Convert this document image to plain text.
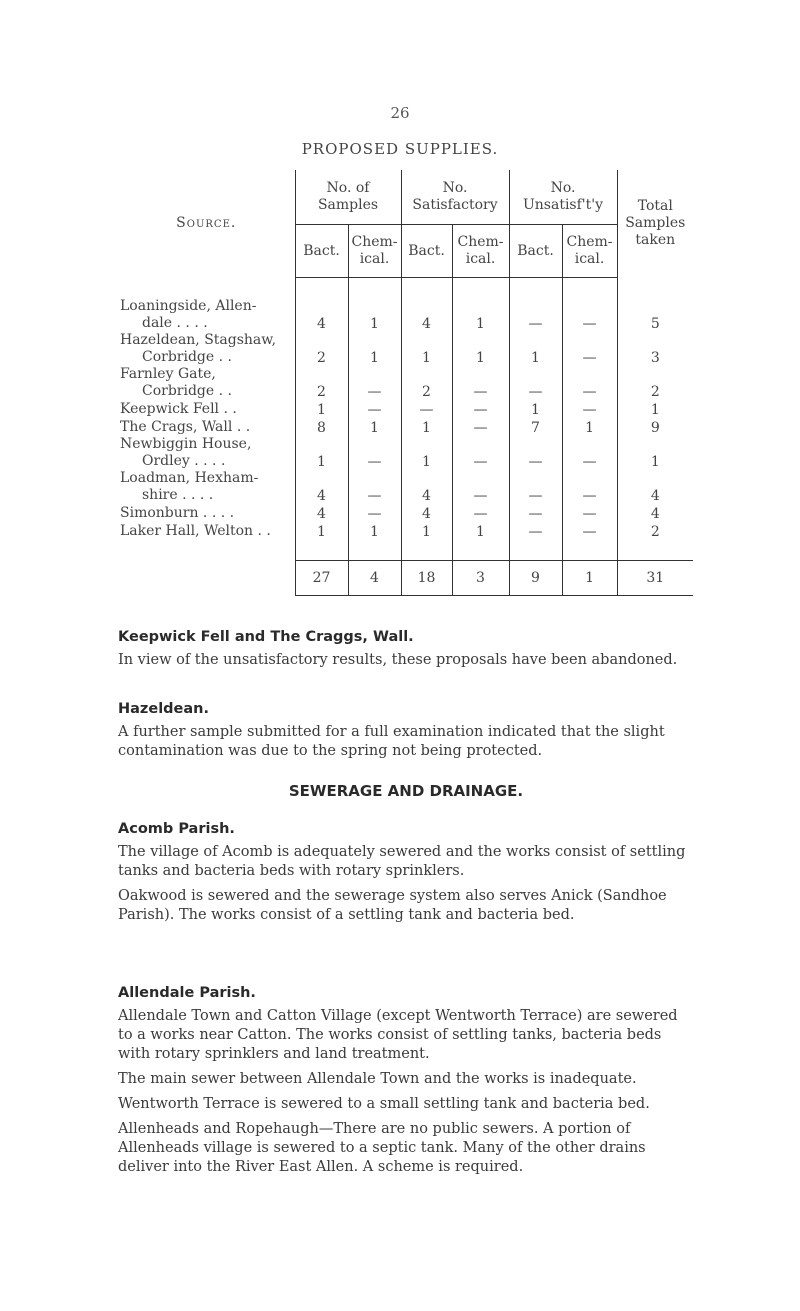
26
PROPOSED SUPPLIES.
Source.	No. of Samples		No. Satisfactory		No. Unsatisf't'y		Total Samples taken
	Bact.	Chem- ical.	Bact.	Chem- ical.	Bact.	Chem- ical.	

Loaningside, Allen-							
dale . . . .	4	1	4	1	—	—	5
Hazeldean, Stagshaw,							
Corbridge . .	2	1	1	1	1	—	3
Farnley Gate,							
Corbridge . .	2	—	2	—	—	—	2
Keepwick Fell . .	1	—	—	—	1	—	1
The Crags, Wall . .	8	1	1	—	7	1	9
Newbiggin House,							
Ordley . . . .	1	—	1	—	—	—	1
Loadman, Hexham-							
shire . . . .	4	—	4	—	—	—	4
Simonburn . . . .	4	—	4	—	—	—	4
Laker Hall, Welton . .	1	1	1	1	—	—	2

	27	4	18	3	9	1	31
Keepwick Fell and The Craggs, Wall.

In view of the unsatisfactory results, these proposals have been abandoned.

Hazeldean.

A further sample submitted for a full examination indicated that the slight contamination was due to the spring not being protected.

SEWERAGE AND DRAINAGE.
Acomb Parish.

The village of Acomb is adequately sewered and the works consist of settling tanks and bacteria beds with rotary sprinklers.

Oakwood is sewered and the sewerage system also serves Anick (Sandhoe Parish). The works consist of a settling tank and bacteria bed.

Allendale Parish.

Allendale Town and Catton Village (except Wentworth Terrace) are sewered to a works near Catton. The works consist of settling tanks, bacteria beds with rotary sprinklers and land treatment.

The main sewer between Allendale Town and the works is inadequate.

Wentworth Terrace is sewered to a small settling tank and bacteria bed.

Allenheads and Ropehaugh—There are no public sewers. A portion of Allenheads village is sewered to a septic tank. Many of the other drains deliver into the River East Allen. A scheme is required.
